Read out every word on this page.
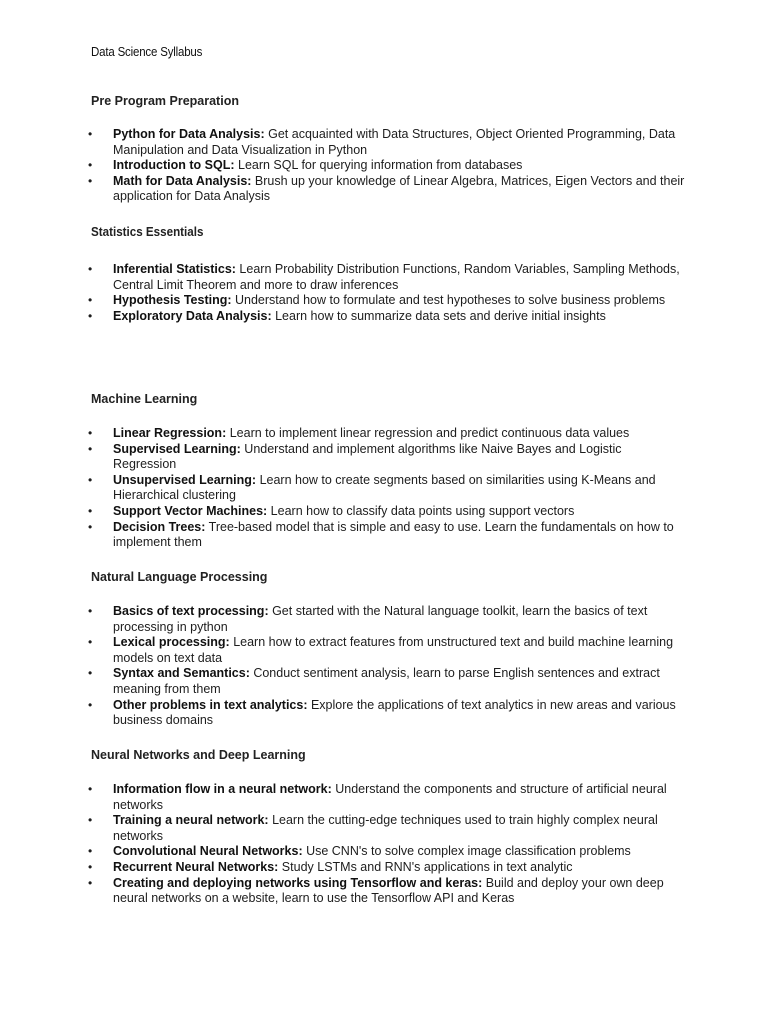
Data Science Syllabus
Pre Program Preparation
• Python for Data Analysis: Get acquainted with Data Structures, Object Oriented Programming, Data Manipulation and Data Visualization in Python
• Introduction to SQL: Learn SQL for querying information from databases
• Math for Data Analysis: Brush up your knowledge of Linear Algebra, Matrices, Eigen Vectors and their application for Data Analysis
Statistics Essentials
• Inferential Statistics: Learn Probability Distribution Functions, Random Variables, Sampling Methods, Central Limit Theorem and more to draw inferences
• Hypothesis Testing: Understand how to formulate and test hypotheses to solve business problems
• Exploratory Data Analysis: Learn how to summarize data sets and derive initial insights
Machine Learning
• Linear Regression: Learn to implement linear regression and predict continuous data values
• Supervised Learning: Understand and implement algorithms like Naive Bayes and Logistic Regression
• Unsupervised Learning: Learn how to create segments based on similarities using K-Means and Hierarchical clustering
• Support Vector Machines: Learn how to classify data points using support vectors
• Decision Trees: Tree-based model that is simple and easy to use. Learn the fundamentals on how to implement them
Natural Language Processing
• Basics of text processing: Get started with the Natural language toolkit, learn the basics of text processing in python
• Lexical processing: Learn how to extract features from unstructured text and build machine learning models on text data
• Syntax and Semantics: Conduct sentiment analysis, learn to parse English sentences and extract meaning from them
• Other problems in text analytics: Explore the applications of text analytics in new areas and various business domains
Neural Networks and Deep Learning
• Information flow in a neural network: Understand the components and structure of artificial neural networks
• Training a neural network: Learn the cutting-edge techniques used to train highly complex neural networks
• Convolutional Neural Networks: Use CNN's to solve complex image classification problems
• Recurrent Neural Networks: Study LSTMs and RNN's applications in text analytic
• Creating and deploying networks using Tensorflow and keras: Build and deploy your own deep neural networks on a website, learn to use the Tensorflow API and Keras
